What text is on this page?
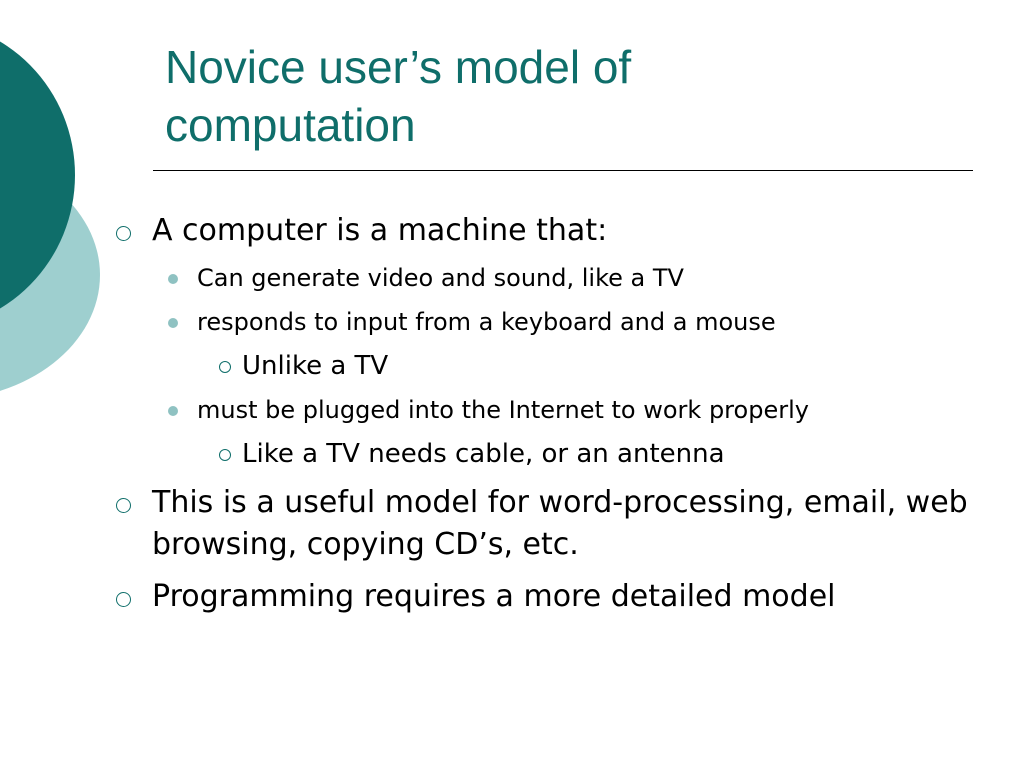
Novice user’s model of computation
A computer is a machine that:
Can generate video and sound, like a TV
responds to input from a keyboard and a mouse
Unlike a TV
must be plugged into the Internet to work properly
Like a TV needs cable, or an antenna
This is a useful model for word-processing, email, web browsing, copying CD’s, etc.
Programming requires a more detailed model
